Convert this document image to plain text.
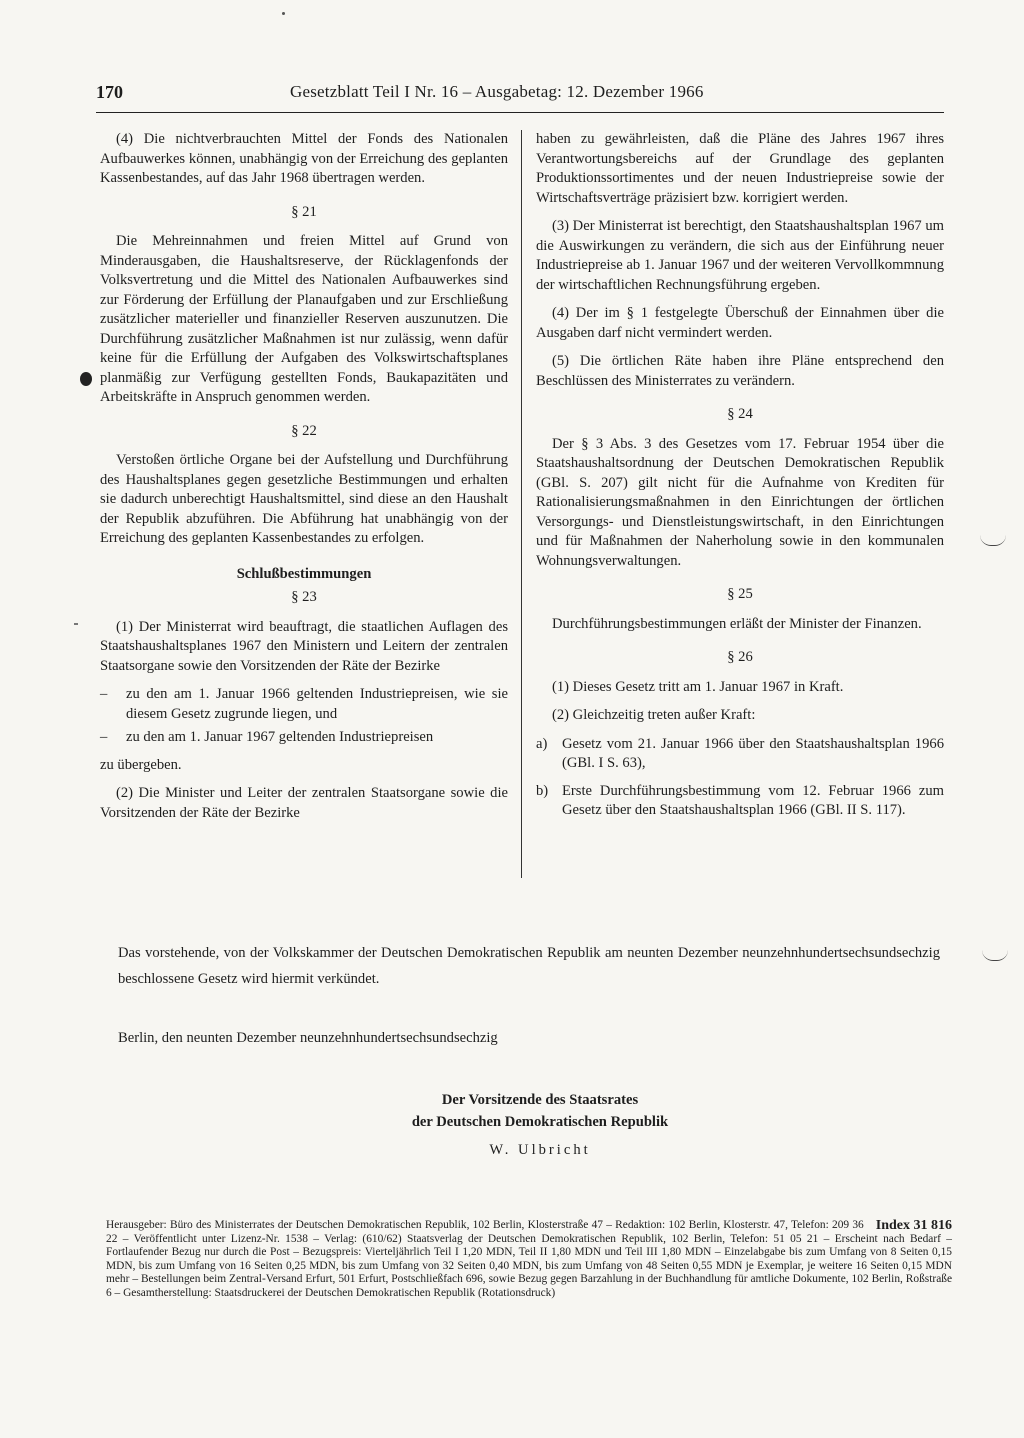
170	Gesetzblatt Teil I Nr. 16 – Ausgabetag: 12. Dezember 1966

(4) Die nichtverbrauchten Mittel der Fonds des Nationalen Aufbauwerkes können, unabhängig von der Erreichung des geplanten Kassenbestandes, auf das Jahr 1968 übertragen werden.

§ 21

Die Mehreinnahmen und freien Mittel auf Grund von Minderausgaben, die Haushaltsreserve, der Rücklagenfonds der Volksvertretung und die Mittel des Nationalen Aufbauwerkes sind zur Förderung der Erfüllung der Planaufgaben und zur Erschließung zusätzlicher materieller und finanzieller Reserven auszunutzen. Die Durchführung zusätzlicher Maßnahmen ist nur zulässig, wenn dafür keine für die Erfüllung der Aufgaben des Volkswirtschaftsplanes planmäßig zur Verfügung gestellten Fonds, Baukapazitäten und Arbeitskräfte in Anspruch genommen werden.

§ 22

Verstoßen örtliche Organe bei der Aufstellung und Durchführung des Haushaltsplanes gegen gesetzliche Bestimmungen und erhalten sie dadurch unberechtigt Haushaltsmittel, sind diese an den Haushalt der Republik abzuführen. Die Abführung hat unabhängig von der Erreichung des geplanten Kassenbestandes zu erfolgen.

Schlußbestimmungen
§ 23

(1) Der Ministerrat wird beauftragt, die staatlichen Auflagen des Staatshaushaltsplanes 1967 den Ministern und Leitern der zentralen Staatsorgane sowie den Vorsitzenden der Räte der Bezirke

– zu den am 1. Januar 1966 geltenden Industriepreisen, wie sie diesem Gesetz zugrunde liegen, und
– zu den am 1. Januar 1967 geltenden Industriepreisen

zu übergeben.

(2) Die Minister und Leiter der zentralen Staatsorgane sowie die Vorsitzenden der Räte der Bezirke

haben zu gewährleisten, daß die Pläne des Jahres 1967 ihres Verantwortungsbereichs auf der Grundlage des geplanten Produktionssortimentes und der neuen Industriepreise sowie der Wirtschaftsverträge präzisiert bzw. korrigiert werden.

(3) Der Ministerrat ist berechtigt, den Staatshaushaltsplan 1967 um die Auswirkungen zu verändern, die sich aus der Einführung neuer Industriepreise ab 1. Januar 1967 und der weiteren Vervollkommnung der wirtschaftlichen Rechnungsführung ergeben.

(4) Der im § 1 festgelegte Überschuß der Einnahmen über die Ausgaben darf nicht vermindert werden.

(5) Die örtlichen Räte haben ihre Pläne entsprechend den Beschlüssen des Ministerrates zu verändern.

§ 24

Der § 3 Abs. 3 des Gesetzes vom 17. Februar 1954 über die Staatshaushaltsordnung der Deutschen Demokratischen Republik (GBl. S. 207) gilt nicht für die Aufnahme von Krediten für Rationalisierungsmaßnahmen in den Einrichtungen der örtlichen Versorgungs- und Dienstleistungswirtschaft, in den Einrichtungen und für Maßnahmen der Naherholung sowie in den kommunalen Wohnungsverwaltungen.

§ 25

Durchführungsbestimmungen erläßt der Minister der Finanzen.

§ 26

(1) Dieses Gesetz tritt am 1. Januar 1967 in Kraft.

(2) Gleichzeitig treten außer Kraft:

a) Gesetz vom 21. Januar 1966 über den Staatshaushaltsplan 1966 (GBl. I S. 63),
b) Erste Durchführungsbestimmung vom 12. Februar 1966 zum Gesetz über den Staatshaushaltsplan 1966 (GBl. II S. 117).

Das vorstehende, von der Volkskammer der Deutschen Demokratischen Republik am neunten Dezember neunzehnhundertsechsundsechzig beschlossene Gesetz wird hiermit verkündet.

Berlin, den neunten Dezember neunzehnhundertsechsundsechzig
Der Vorsitzende des Staatsrates
der Deutschen Demokratischen Republik
W. Ulbricht
Index 31 816
Herausgeber: Büro des Ministerrates der Deutschen Demokratischen Republik, 102 Berlin, Klosterstraße 47 – Redaktion: 102 Berlin, Klosterstr. 47, Telefon: 209 36 22 – Veröffentlicht unter Lizenz-Nr. 1538 – Verlag: (610/62) Staatsverlag der Deutschen Demokratischen Republik, 102 Berlin, Telefon: 51 05 21 – Erscheint nach Bedarf – Fortlaufender Bezug nur durch die Post – Bezugspreis: Vierteljährlich Teil I 1,20 MDN, Teil II 1,80 MDN und Teil III 1,80 MDN – Einzelabgabe bis zum Umfang von 8 Seiten 0,15 MDN, bis zum Umfang von 16 Seiten 0,25 MDN, bis zum Umfang von 32 Seiten 0,40 MDN, bis zum Umfang von 48 Seiten 0,55 MDN je Exemplar, je weitere 16 Seiten 0,15 MDN mehr – Bestellungen beim Zentral-Versand Erfurt, 501 Erfurt, Postschließfach 696, sowie Bezug gegen Barzahlung in der Buchhandlung für amtliche Dokumente, 102 Berlin, Roßstraße 6 – Gesamtherstellung: Staatsdruckerei der Deutschen Demokratischen Republik (Rotationsdruck)
